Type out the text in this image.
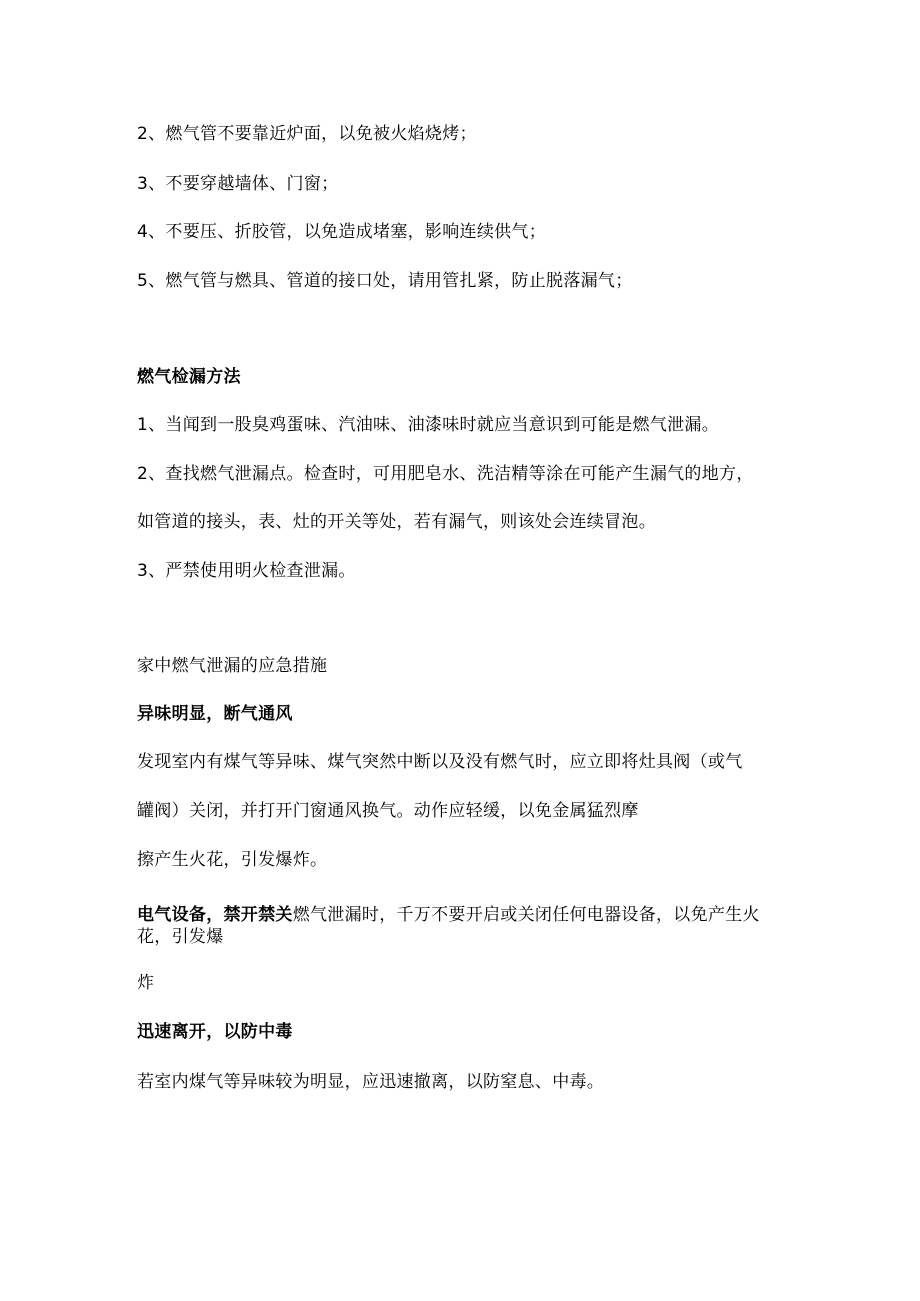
2、燃气管不要靠近炉面，以免被火焰烧烤；
3、不要穿越墙体、门窗；
4、不要压、折胶管，以免造成堵塞，影响连续供气；
5、燃气管与燃具、管道的接口处，请用管扎紧，防止脱落漏气；
燃气检漏方法
1、当闻到一股臭鸡蛋味、汽油味、油漆味时就应当意识到可能是燃气泄漏。
2、查找燃气泄漏点。检查时，可用肥皂水、洗洁精等涂在可能产生漏气的地方，
如管道的接头，表、灶的开关等处，若有漏气，则该处会连续冒泡。
3、严禁使用明火检查泄漏。
家中燃气泄漏的应急措施
异味明显，断气通风
发现室内有煤气等异味、煤气突然中断以及没有燃气时，应立即将灶具阀（或气
罐阀）关闭，并打开门窗通风换气。动作应轻缓，以免金属猛烈摩
擦产生火花，引发爆炸。
电气设备，禁开禁关燃气泄漏时，千万不要开启或关闭任何电器设备，以免产生火花，引发爆
炸
迅速离开，以防中毒
若室内煤气等异味较为明显，应迅速撤离，以防窒息、中毒。
